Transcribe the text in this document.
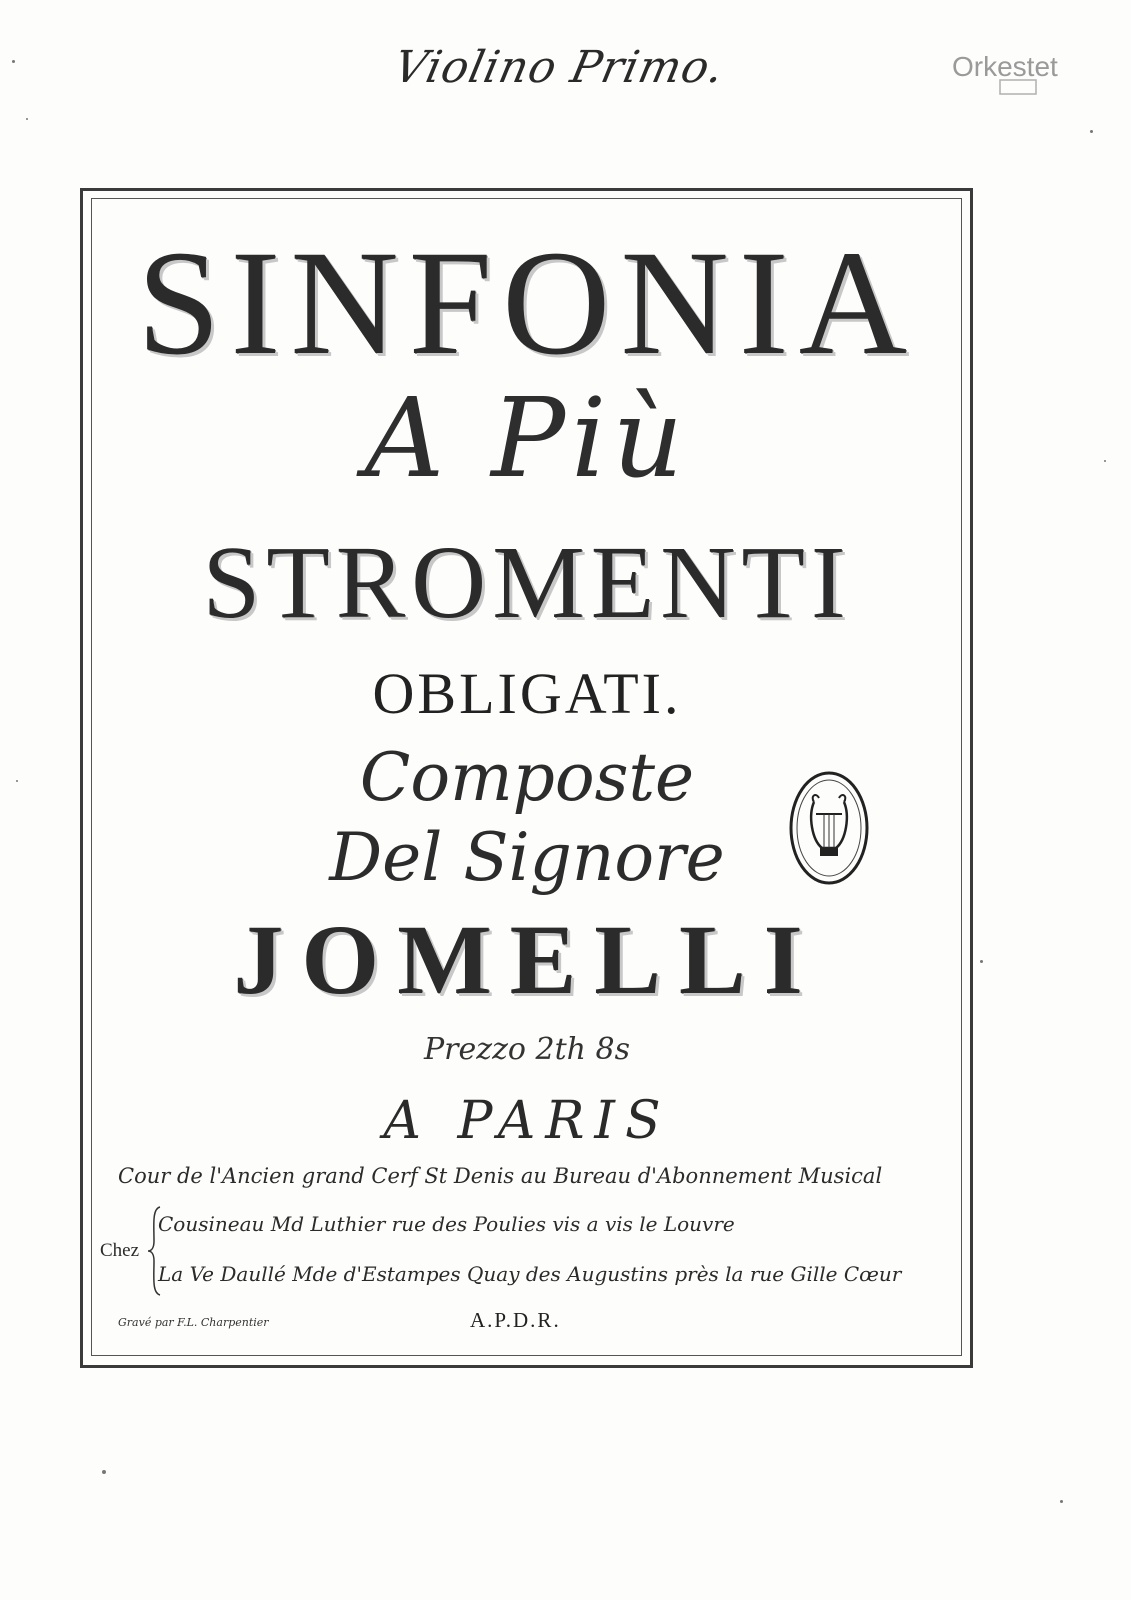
Violino Primo.	Orkestet
SINFONIA
A Più
STROMENTI
OBLIGATI.
Composte
Del Signore
JOMELLI
Prezzo 2th 8s
A PARIS
Cour de l'Ancien grand Cerf St Denis au Bureau d'Abonnement Musical
Chez
Cousineau Md Luthier rue des Poulies vis a vis le Louvre
La Ve Daullé Mde d'Estampes Quay des Augustins près la rue Gille Cœur
Gravé par F.L. Charpentier	A.P.D.R.
